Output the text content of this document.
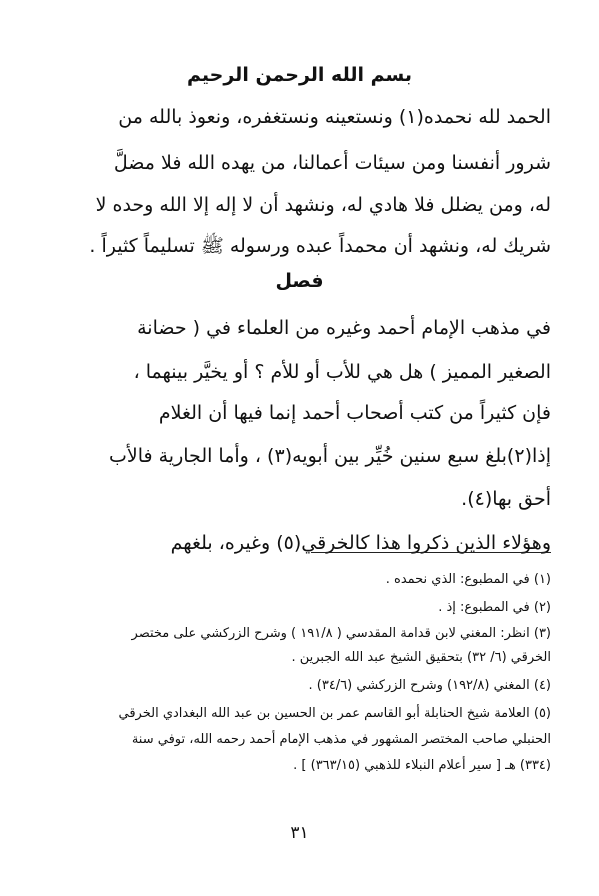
بسم الله الرحمن الرحيم
الحمد لله نحمده(١) ونستعينه ونستغفره، ونعوذ بالله من
شرور أنفسنا ومن سيئات أعمالنا، من يهده الله فلا مضلَّ
له، ومن يضلل فلا هادي له، ونشهد أن لا إله إلا الله وحده لا
شريك له، ونشهد أن محمداً عبده ورسوله ﷺ تسليماً كثيراً .
فصل
في مذهب الإمام أحمد وغيره من العلماء في ( حضانة
الصغير المميز ) هل هي للأب أو للأم ؟ أو يخيَّر بينهما ،
فإن كثيراً من كتب أصحاب أحمد إنما فيها أن الغلام
إذا(٢)بلغ سبع سنين خُيِّر بين أبويه(٣) ، وأما الجارية فالأب
أحق بها(٤).
وهؤلاء الذين ذكروا هذا كالخرقي(٥) وغيره، بلغهم
(١) في المطبوع: الذي نحمده .
(٢) في المطبوع: إذ .
(٣) انظر: المغني لابن قدامة المقدسي ( ١٩١/٨ ) وشرح الزركشي على مختصر
الخرقي (٦/ ٣٢) بتحقيق الشيخ عبد الله الجبرين .
(٤) المغني (١٩٢/٨) وشرح الزركشي (٣٤/٦) .
(٥) العلامة شيخ الحنابلة أبو القاسم عمر بن الحسين بن عبد الله البغدادي الخرقي
الحنبلي صاحب المختصر المشهور في مذهب الإمام أحمد رحمه الله، توفي سنة
(٣٣٤) هـ [ سير أعلام النبلاء للذهبي (٣٦٣/١٥) ] .
٣١
